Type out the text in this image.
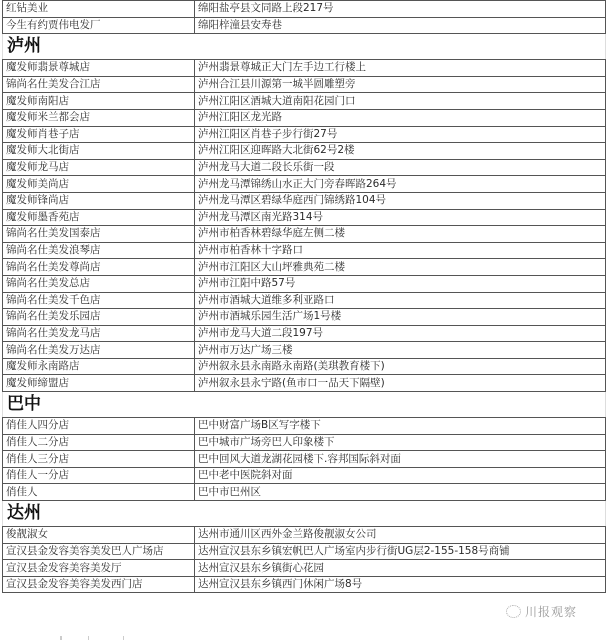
红钻美业	绵阳盐亭县文同路上段217号
今生有约贾伟电发厂	绵阳梓潼县安寿巷
泸州	
魔发师翡景尊城店	泸州翡景尊城正大门左手边工行楼上
锦尚名仕美发合江店	泸州合江县川源第一城半圆雕塑旁
魔发师南阳店	泸州江阳区酒城大道南阳花园门口
魔发师米兰都会店	泸州江阳区龙光路
魔发师肖巷子店	泸州江阳区肖巷子步行街27号
魔发师大北街店	泸州江阳区迎晖路大北街62号2楼
魔发师龙马店	泸州龙马大道二段长乐街一段
魔发师美尚店	泸州龙马潭锦绣山水正大门旁春晖路264号
魔发师锋尚店	泸州龙马潭区碧绿华庭西门锦绣路104号
魔发师墨香苑店	泸州龙马潭区南光路314号
锦尚名仕美发国泰店	泸州市柏香林碧绿华庭左侧二楼
锦尚名仕美发浪琴店	泸州市柏香林十字路口
锦尚名仕美发尊尚店	泸州市江阳区大山坪雅典苑二楼
锦尚名仕美发总店	泸州市江阳中路57号
锦尚名仕美发千色店	泸州市酒城大道维多利亚路口
锦尚名仕美发乐园店	泸州市酒城乐园生活广场1号楼
锦尚名仕美发龙马店	泸州市龙马大道二段197号
锦尚名仕美发万达店	泸州市万达广场三楼
魔发师永南路店	泸州叙永县永南路永南路(美琪教育楼下)
魔发师缔盟店	泸州叙永县永宁路(鱼市口一品天下隔壁)
巴中	
俏佳人四分店	巴中财富广场B区写字楼下
俏佳人二分店	巴中城市广场旁巴人印象楼下
俏佳人三分店	巴中回风大道龙湖花园楼下.容邦国际斜对面
俏佳人一分店	巴中老中医院斜对面
俏佳人	巴中市巴州区
达州	
俊靓淑女	达州市通川区西外金兰路俊靓淑女公司
宣汉县金发容美容美发巴人广场店	达州宣汉县东乡镇宏帆巴人广场室内步行街UG层2-155-158号商铺
宣汉县金发容美容美发厅	达州宣汉县东乡镇街心花园
宣汉县金发容美容美发西门店	达州宣汉县东乡镇西门休闲广场8号
川报观察
